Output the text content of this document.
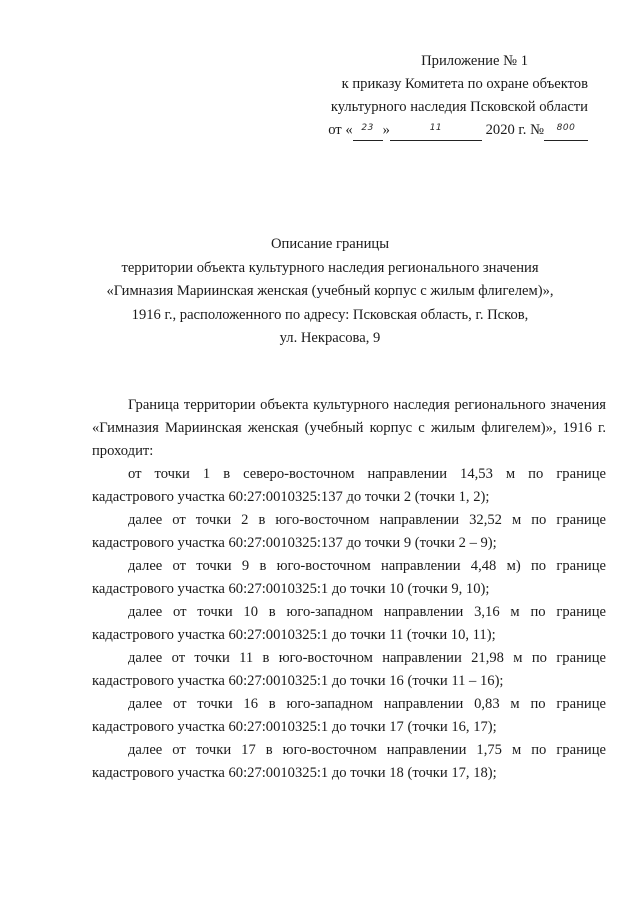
Приложение № 1
к приказу Комитета по охране объектов
культурного наследия Псковской области
от « $^{23}$ »	$^{11}$	2020 г. № $^{800}$
Описание границы
территории объекта культурного наследия регионального значения
«Гимназия Мариинская женская (учебный корпус с жилым флигелем)»,
1916 г., расположенного по адресу: Псковская область, г. Псков,
ул. Некрасова, 9

Граница территории объекта культурного наследия регионального значения «Гимназия Мариинская женская (учебный корпус с жилым флигелем)», 1916 г. проходит:

от точки 1 в северо-восточном направлении 14,53 м по границе кадастрового участка 60:27:0010325:137 до точки 2 (точки 1, 2);

далее от точки 2 в юго-восточном направлении 32,52 м по границе кадастрового участка 60:27:0010325:137 до точки 9 (точки 2 – 9);

далее от точки 9 в юго-восточном направлении 4,48 м) по границе кадастрового участка 60:27:0010325:1 до точки 10 (точки 9, 10);

далее от точки 10 в юго-западном направлении 3,16 м по границе кадастрового участка 60:27:0010325:1 до точки 11 (точки 10, 11);

далее от точки 11 в юго-восточном направлении 21,98 м по границе кадастрового участка 60:27:0010325:1 до точки 16 (точки 11 – 16);

далее от точки 16 в юго-западном направлении 0,83 м по границе кадастрового участка 60:27:0010325:1 до точки 17 (точки 16, 17);

далее от точки 17 в юго-восточном направлении 1,75 м по границе кадастрового участка 60:27:0010325:1 до точки 18 (точки 17, 18);
